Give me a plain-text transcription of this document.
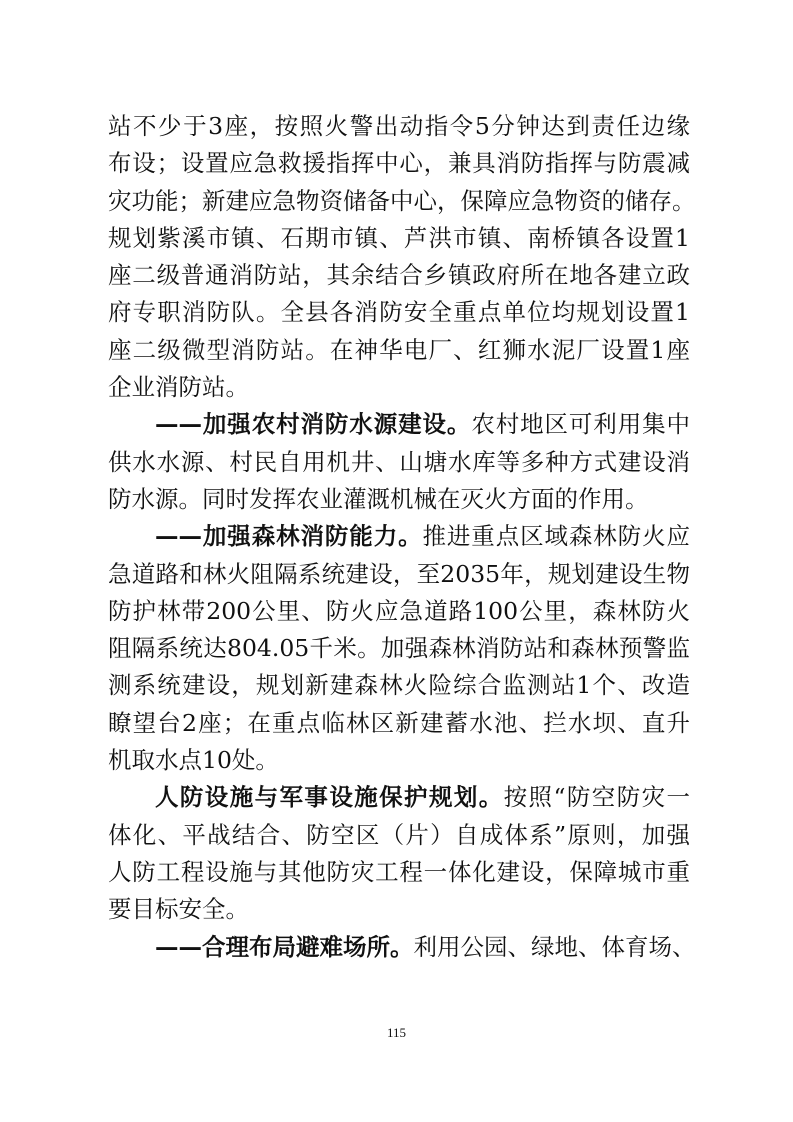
站不少于3座，按照火警出动指令5分钟达到责任边缘
布设；设置应急救援指挥中心，兼具消防指挥与防震减
灾功能；新建应急物资储备中心，保障应急物资的储存。
规划紫溪市镇、石期市镇、芦洪市镇、南桥镇各设置1
座二级普通消防站，其余结合乡镇政府所在地各建立政
府专职消防队。全县各消防安全重点单位均规划设置1
座二级微型消防站。在神华电厂、红狮水泥厂设置1座
企业消防站。
——加强农村消防水源建设。农村地区可利用集中
供水水源、村民自用机井、山塘水库等多种方式建设消
防水源。同时发挥农业灌溉机械在灭火方面的作用。
——加强森林消防能力。推进重点区域森林防火应
急道路和林火阻隔系统建设，至2035年，规划建设生物
防护林带200公里、防火应急道路100公里，森林防火
阻隔系统达804.05千米。加强森林消防站和森林预警监
测系统建设，规划新建森林火险综合监测站1个、改造
瞭望台2座；在重点临林区新建蓄水池、拦水坝、直升
机取水点10处。
人防设施与军事设施保护规划。按照“防空防灾一
体化、平战结合、防空区（片）自成体系”原则，加强
人防工程设施与其他防灾工程一体化建设，保障城市重
要目标安全。
——合理布局避难场所。利用公园、绿地、体育场、
115
